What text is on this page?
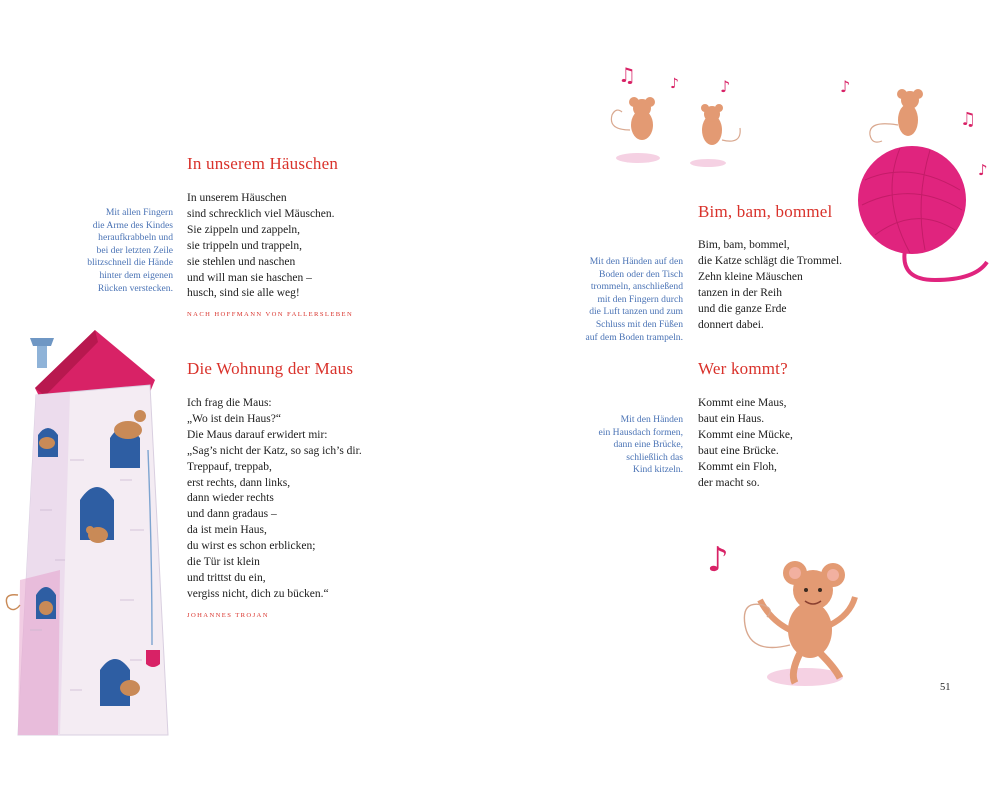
In unserem Häuschen
Mit allen Fingern
die Arme des Kindes
heraufkrabbeln und
bei der letzten Zeile
blitzschnell die Hände
hinter dem eigenen
Rücken verstecken.
In unserem Häuschen
sind schrecklich viel Mäuschen.
Sie zippeln und zappeln,
sie trippeln und trappeln,
sie stehlen und naschen
und will man sie haschen –
husch, sind sie alle weg!
NACH HOFFMANN VON FALLERSLEBEN
Die Wohnung der Maus
Ich frag die Maus:
„Wo ist dein Haus?“
Die Maus darauf erwidert mir:
„Sag’s nicht der Katz, so sag ich’s dir.
Treppauf, treppab,
erst rechts, dann links,
dann wieder rechts
und dann gradaus –
da ist mein Haus,
du wirst es schon erblicken;
die Tür ist klein
und trittst du ein,
vergiss nicht, dich zu bücken.“
JOHANNES TROJAN
♫ ♪	♪	♪
♫
♪
Bim, bam, bommel
Mit den Händen auf den
Boden oder den Tisch
trommeln, anschließend
mit den Fingern durch
die Luft tanzen und zum
Schluss mit den Füßen
auf dem Boden trampeln.
Bim, bam, bommel,
die Katze schlägt die Trommel.
Zehn kleine Mäuschen
tanzen in der Reih
und die ganze Erde
donnert dabei.
Wer kommt?
Mit den Händen
ein Hausdach formen,
dann eine Brücke,
schließlich das
Kind kitzeln.
Kommt eine Maus,
baut ein Haus.
Kommt eine Mücke,
baut eine Brücke.
Kommt ein Floh,
der macht so.
♪
51
